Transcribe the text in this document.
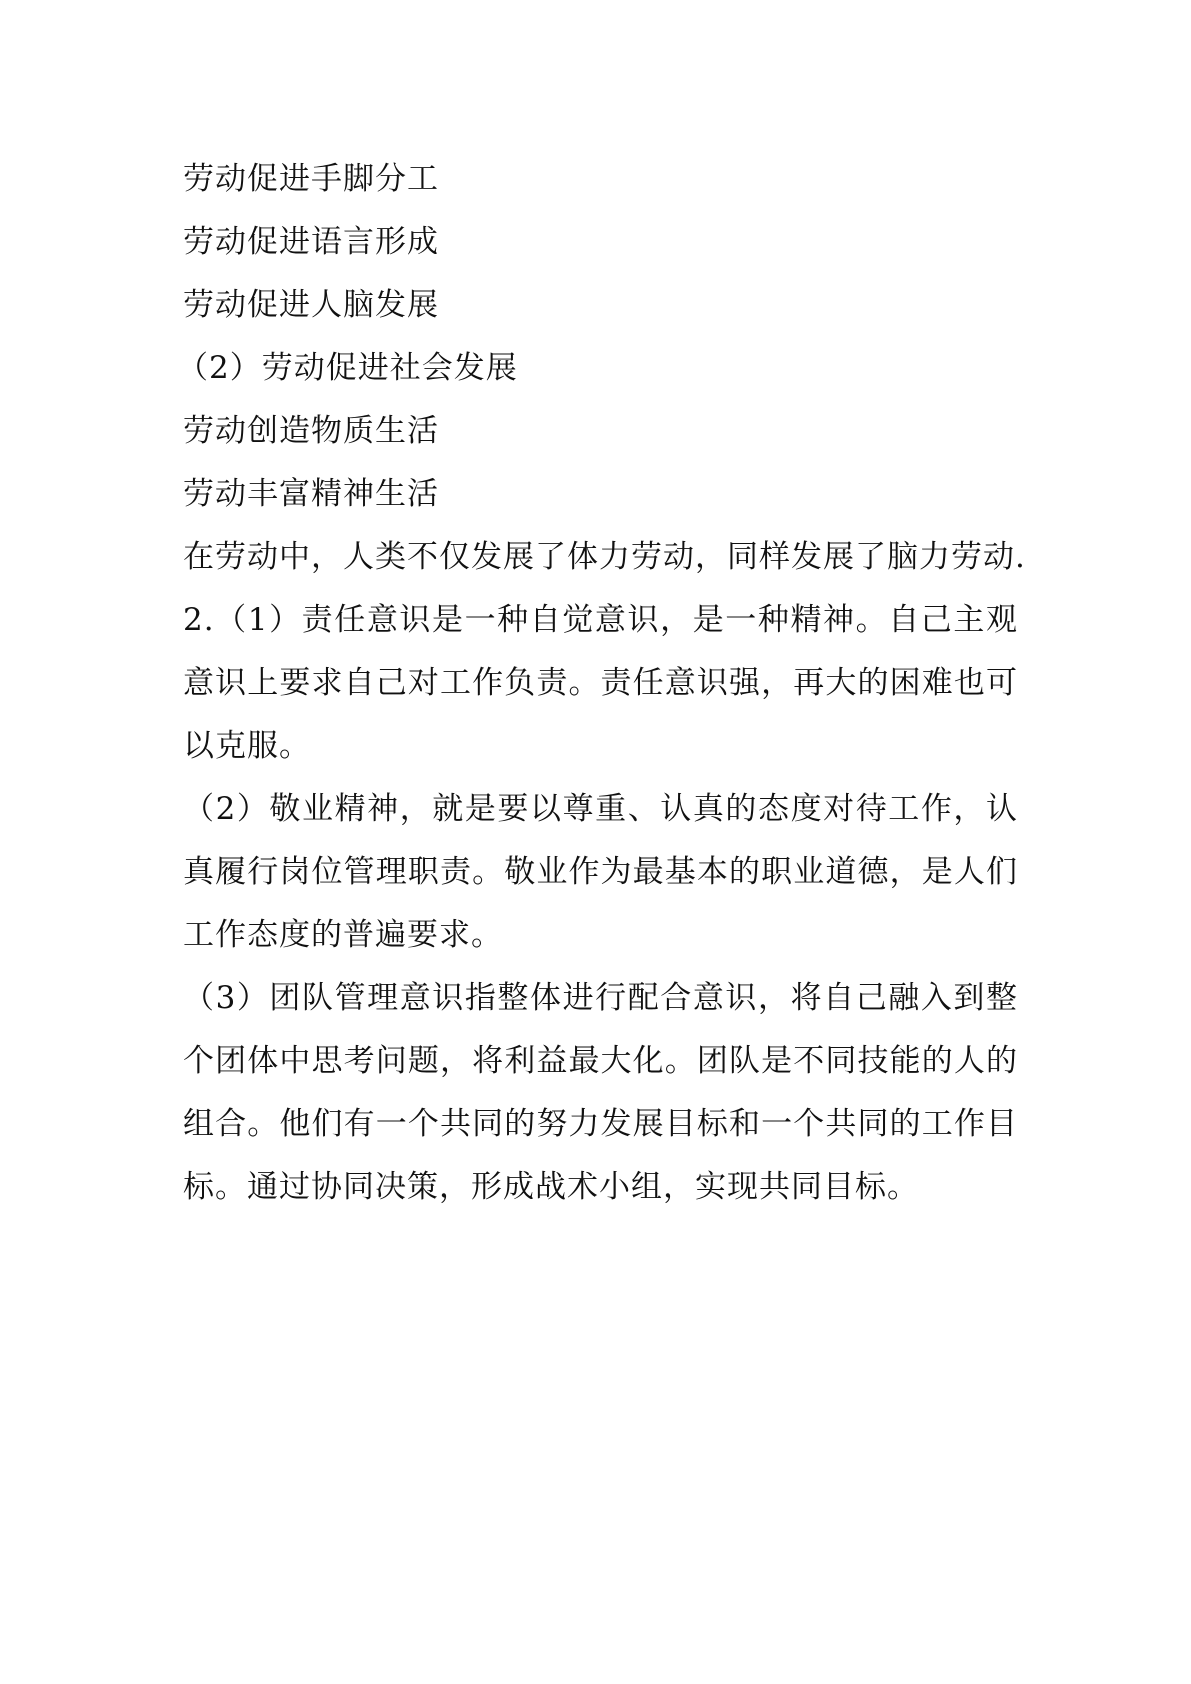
劳动促进手脚分工
劳动促进语言形成
劳动促进人脑发展
（2）劳动促进社会发展
劳动创造物质生活
劳动丰富精神生活
在劳动中，人类不仅发展了体力劳动，同样发展了脑力劳动.

2.（1）责任意识是一种自觉意识，是一种精神。自己主观意识上要求自己对工作负责。责任意识强，再大的困难也可以克服。

（2）敬业精神，就是要以尊重、认真的态度对待工作，认真履行岗位管理职责。敬业作为最基本的职业道德，是人们工作态度的普遍要求。

（3）团队管理意识指整体进行配合意识，将自己融入到整个团体中思考问题，将利益最大化。团队是不同技能的人的组合。他们有一个共同的努力发展目标和一个共同的工作目标。通过协同决策，形成战术小组，实现共同目标。
